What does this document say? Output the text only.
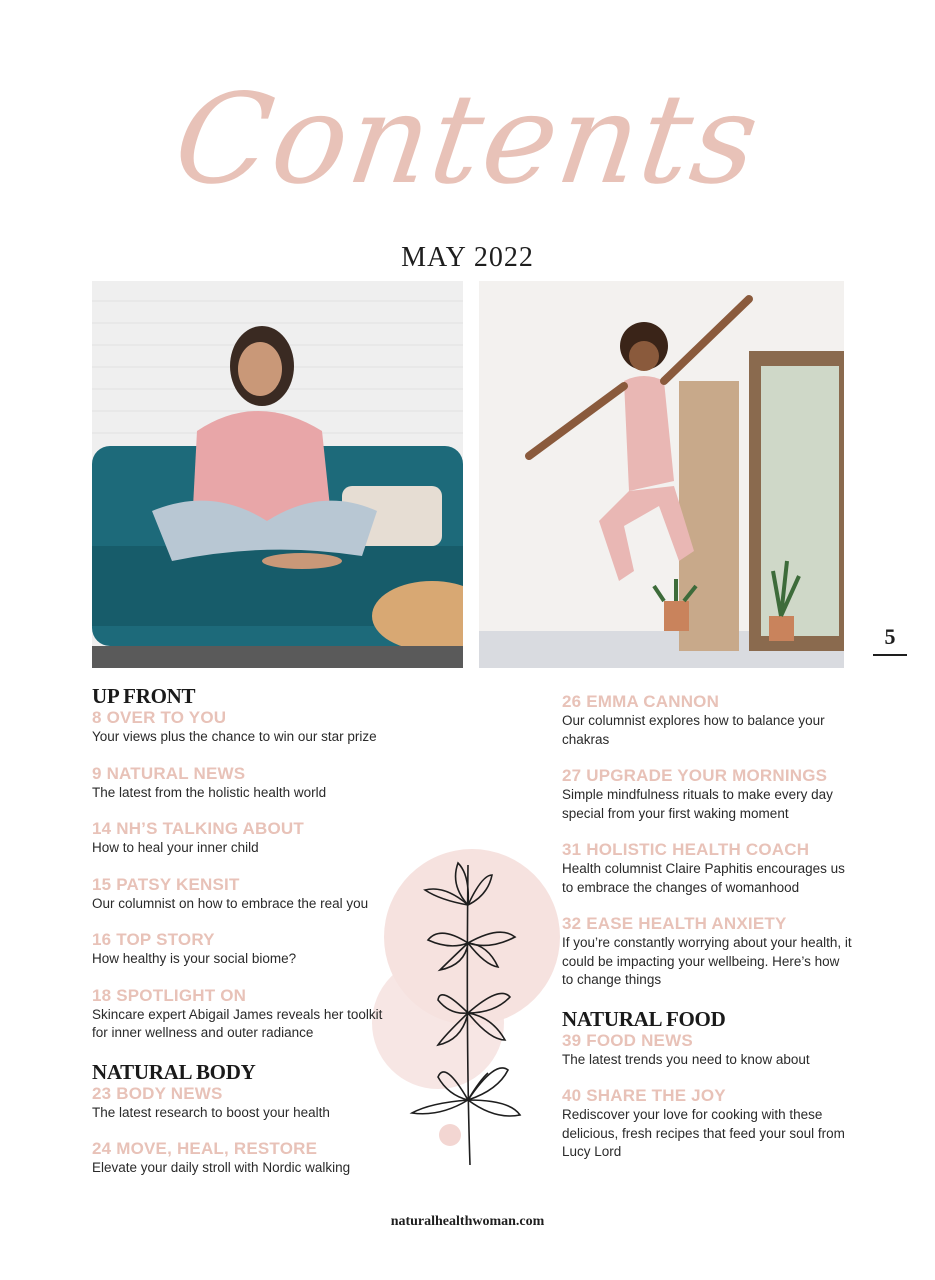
Contents
MAY 2022
5
UP FRONT
8 OVER TO YOU
Your views plus the chance to win our star prize
9 NATURAL NEWS
The latest from the holistic health world
14 NH’S TALKING ABOUT
How to heal your inner child
15 PATSY KENSIT
Our columnist on how to embrace the real you
16 TOP STORY
How healthy is your social biome?
18 SPOTLIGHT ON
Skincare expert Abigail James reveals her toolkit for inner wellness and outer radiance
NATURAL BODY
23 BODY NEWS
The latest research to boost your health
24 MOVE, HEAL, RESTORE
Elevate your daily stroll with Nordic walking
26 EMMA CANNON
Our columnist explores how to balance your chakras
27 UPGRADE YOUR MORNINGS
Simple mindfulness rituals to make every day special from your first waking moment
31 HOLISTIC HEALTH COACH
Health columnist Claire Paphitis encourages us to embrace the changes of womanhood
32 EASE HEALTH ANXIETY
If you’re constantly worrying about your health, it could be impacting your wellbeing. Here’s how to change things
NATURAL FOOD
39 FOOD NEWS
The latest trends you need to know about
40 SHARE THE JOY
Rediscover your love for cooking with these delicious, fresh recipes that feed your soul from Lucy Lord
naturalhealthwoman.com
